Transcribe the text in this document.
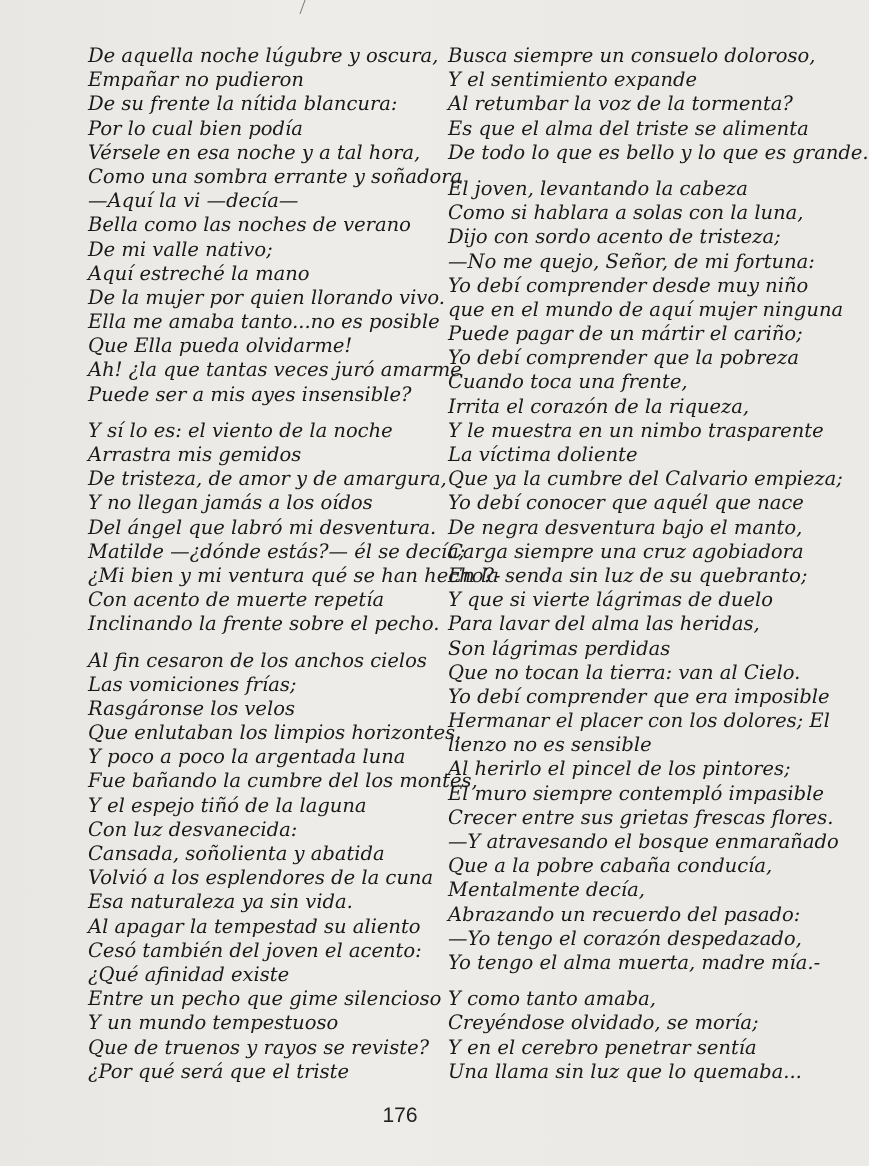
De aquella noche lúgubre y oscura,
Empañar no pudieron
De su frente la nítida blancura:
Por lo cual bien podía
Vérsele en esa noche y a tal hora,
Como una sombra errante y soñadora
—Aquí la vi —decía—
Bella como las noches de verano
De mi valle nativo;
Aquí estreché la mano
De la mujer por quien llorando vivo.
Ella me amaba tanto...no es posible
Que Ella pueda olvidarme!
Ah! ¿la que tantas veces juró amarme
Puede ser a mis ayes insensible?
Y sí lo es: el viento de la noche
Arrastra mis gemidos
De tristeza, de amor y de amargura,
Y no llegan jamás a los oídos
Del ángel que labró mi desventura.
Matilde —¿dónde estás?— él se decía;
¿Mi bien y mi ventura qué se han hecho?-
Con acento de muerte repetía
Inclinando la frente sobre el pecho.
Al fin cesaron de los anchos cielos
Las vomiciones frías;
Rasgáronse los velos
Que enlutaban los limpios horizontes,
Y poco a poco la argentada luna
Fue bañando la cumbre del los montes,
Y el espejo tiñó de la laguna
Con luz desvanecida:
Cansada, soñolienta y abatida
Volvió a los esplendores de la cuna
Esa naturaleza ya sin vida.
Al apagar la tempestad su aliento
Cesó también del joven el acento:
¿Qué afinidad existe
Entre un pecho que gime silencioso
Y un mundo tempestuoso
Que de truenos y rayos se reviste?
¿Por qué será que el triste
Busca siempre un consuelo doloroso,
Y el sentimiento expande
Al retumbar la voz de la tormenta?
Es que el alma del triste se alimenta
De todo lo que es bello y lo que es grande.
El joven, levantando la cabeza
Como si hablara a solas con la luna,
Dijo con sordo acento de tristeza;
—No me quejo, Señor, de mi fortuna:
Yo debí comprender desde muy niño
que en el mundo de aquí mujer ninguna
Puede pagar de un mártir el cariño;
Yo debí comprender que la pobreza
Cuando toca una frente,
Irrita el corazón de la riqueza,
Y le muestra en un nimbo trasparente
La víctima doliente
Que ya la cumbre del Calvario empieza;
Yo debí conocer que aquél que nace
De negra desventura bajo el manto,
Carga siempre una cruz agobiadora
En la senda sin luz de su quebranto;
Y que si vierte lágrimas de duelo
Para lavar del alma las heridas,
Son lágrimas perdidas
Que no tocan la tierra: van al Cielo.
Yo debí comprender que era imposible
Hermanar el placer con los dolores; El
lienzo no es sensible
Al herirlo el pincel de los pintores;
El muro siempre contempló impasible
Crecer entre sus grietas frescas flores.
—Y atravesando el bosque enmarañado
Que a la pobre cabaña conducía,
Mentalmente decía,
Abrazando un recuerdo del pasado:
—Yo tengo el corazón despedazado,
Yo tengo el alma muerta, madre mía.-
Y como tanto amaba,
Creyéndose olvidado, se moría;
Y en el cerebro penetrar sentía
Una llama sin luz que lo quemaba...
176
